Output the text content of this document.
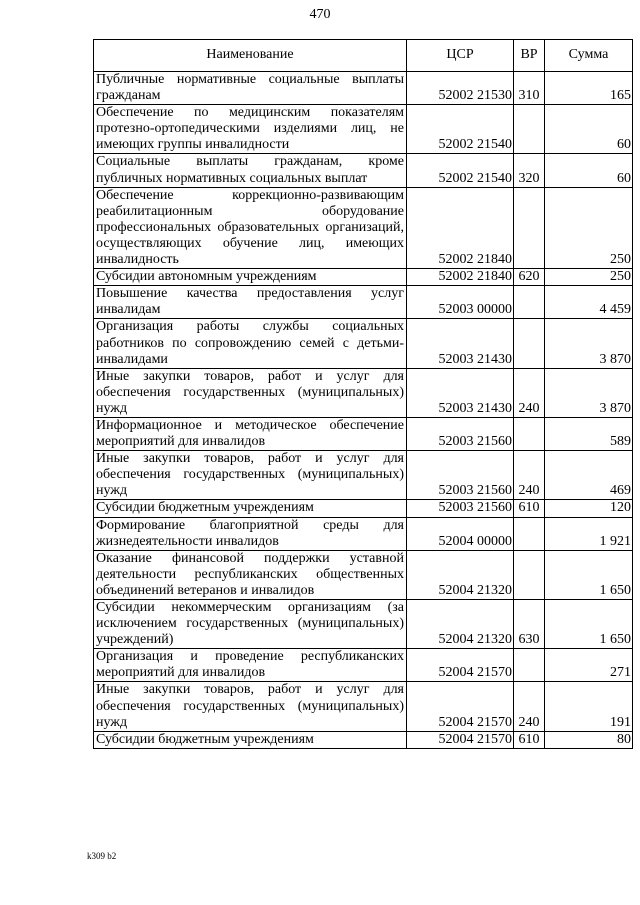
470
Наименование	ЦСР	ВР	Сумма
Публичные нормативные социальные выплаты гражданам	52002 21530	310	165
Обеспечение по медицинским показателям протезно-ортопедическими изделиями лиц, не имеющих группы инвалидности	52002 21540		60
Социальные выплаты гражданам, кроме публичных нормативных социальных выплат	52002 21540	320	60
Обеспечение коррекционно-развивающим реабилитационным оборудование профессиональных образовательных организаций, осуществляющих обучение лиц, имеющих инвалидность	52002 21840		250
Субсидии автономным учреждениям	52002 21840	620	250
Повышение качества предоставления услуг инвалидам	52003 00000		4 459
Организация работы службы социальных работников по сопровождению семей с детьми-инвалидами	52003 21430		3 870
Иные закупки товаров, работ и услуг для обеспечения государственных (муниципальных) нужд	52003 21430	240	3 870
Информационное и методическое обеспечение мероприятий для инвалидов	52003 21560		589
Иные закупки товаров, работ и услуг для обеспечения государственных (муниципальных) нужд	52003 21560	240	469
Субсидии бюджетным учреждениям	52003 21560	610	120
Формирование благоприятной среды для жизнедеятельности инвалидов	52004 00000		1 921
Оказание финансовой поддержки уставной деятельности республиканских общественных объединений ветеранов и инвалидов	52004 21320		1 650
Субсидии некоммерческим организациям (за исключением государственных (муниципальных) учреждений)	52004 21320	630	1 650
Организация и проведение республиканских мероприятий для инвалидов	52004 21570		271
Иные закупки товаров, работ и услуг для обеспечения государственных (муниципальных) нужд	52004 21570	240	191
Субсидии бюджетным учреждениям	52004 21570	610	80
k309 b2
